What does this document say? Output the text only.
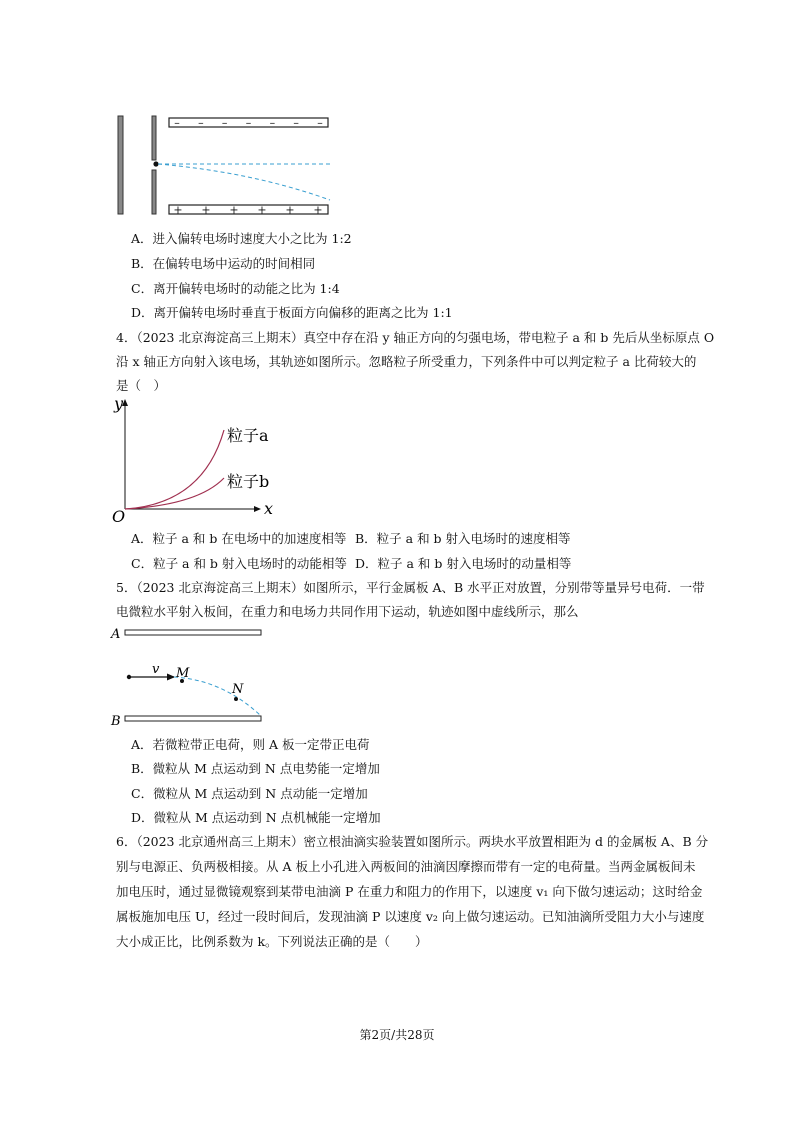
– – – – – – –
+ + + + + +
A．进入偏转电场时速度大小之比为 1:2
B．在偏转电场中运动的时间相同
C．离开偏转电场时的动能之比为 1:4
D．离开偏转电场时垂直于板面方向偏移的距离之比为 1:1
4．（2023 北京海淀高三上期末）真空中存在沿 y 轴正方向的匀强电场，带电粒子 a 和 b 先后从坐标原点 O
沿 x 轴正方向射入该电场，其轨迹如图所示。忽略粒子所受重力，下列条件中可以判定粒子 a 比荷较大的
是（　）
y
x
O
粒子a
粒子b
A．粒子 a 和 b 在电场中的加速度相等 B．粒子 a 和 b 射入电场时的速度相等
C．粒子 a 和 b 射入电场时的动能相等 D．粒子 a 和 b 射入电场时的动量相等
5．（2023 北京海淀高三上期末）如图所示，平行金属板 A、B 水平正对放置，分别带等量异号电荷．一带
电微粒水平射入板间，在重力和电场力共同作用下运动，轨迹如图中虚线所示，那么
A
B
v M
N
A．若微粒带正电荷，则 A 板一定带正电荷
B．微粒从 M 点运动到 N 点电势能一定增加
C．微粒从 M 点运动到 N 点动能一定增加
D．微粒从 M 点运动到 N 点机械能一定增加
6．（2023 北京通州高三上期末）密立根油滴实验装置如图所示。两块水平放置相距为 d 的金属板 A、B 分
别与电源正、负两极相接。从 A 板上小孔进入两板间的油滴因摩擦而带有一定的电荷量。当两金属板间未
加电压时，通过显微镜观察到某带电油滴 P 在重力和阻力的作用下，以速度 v₁ 向下做匀速运动；这时给金
属板施加电压 U，经过一段时间后，发现油滴 P 以速度 v₂ 向上做匀速运动。已知油滴所受阻力大小与速度
大小成正比，比例系数为 k。下列说法正确的是（　　）
第2页/共28页
